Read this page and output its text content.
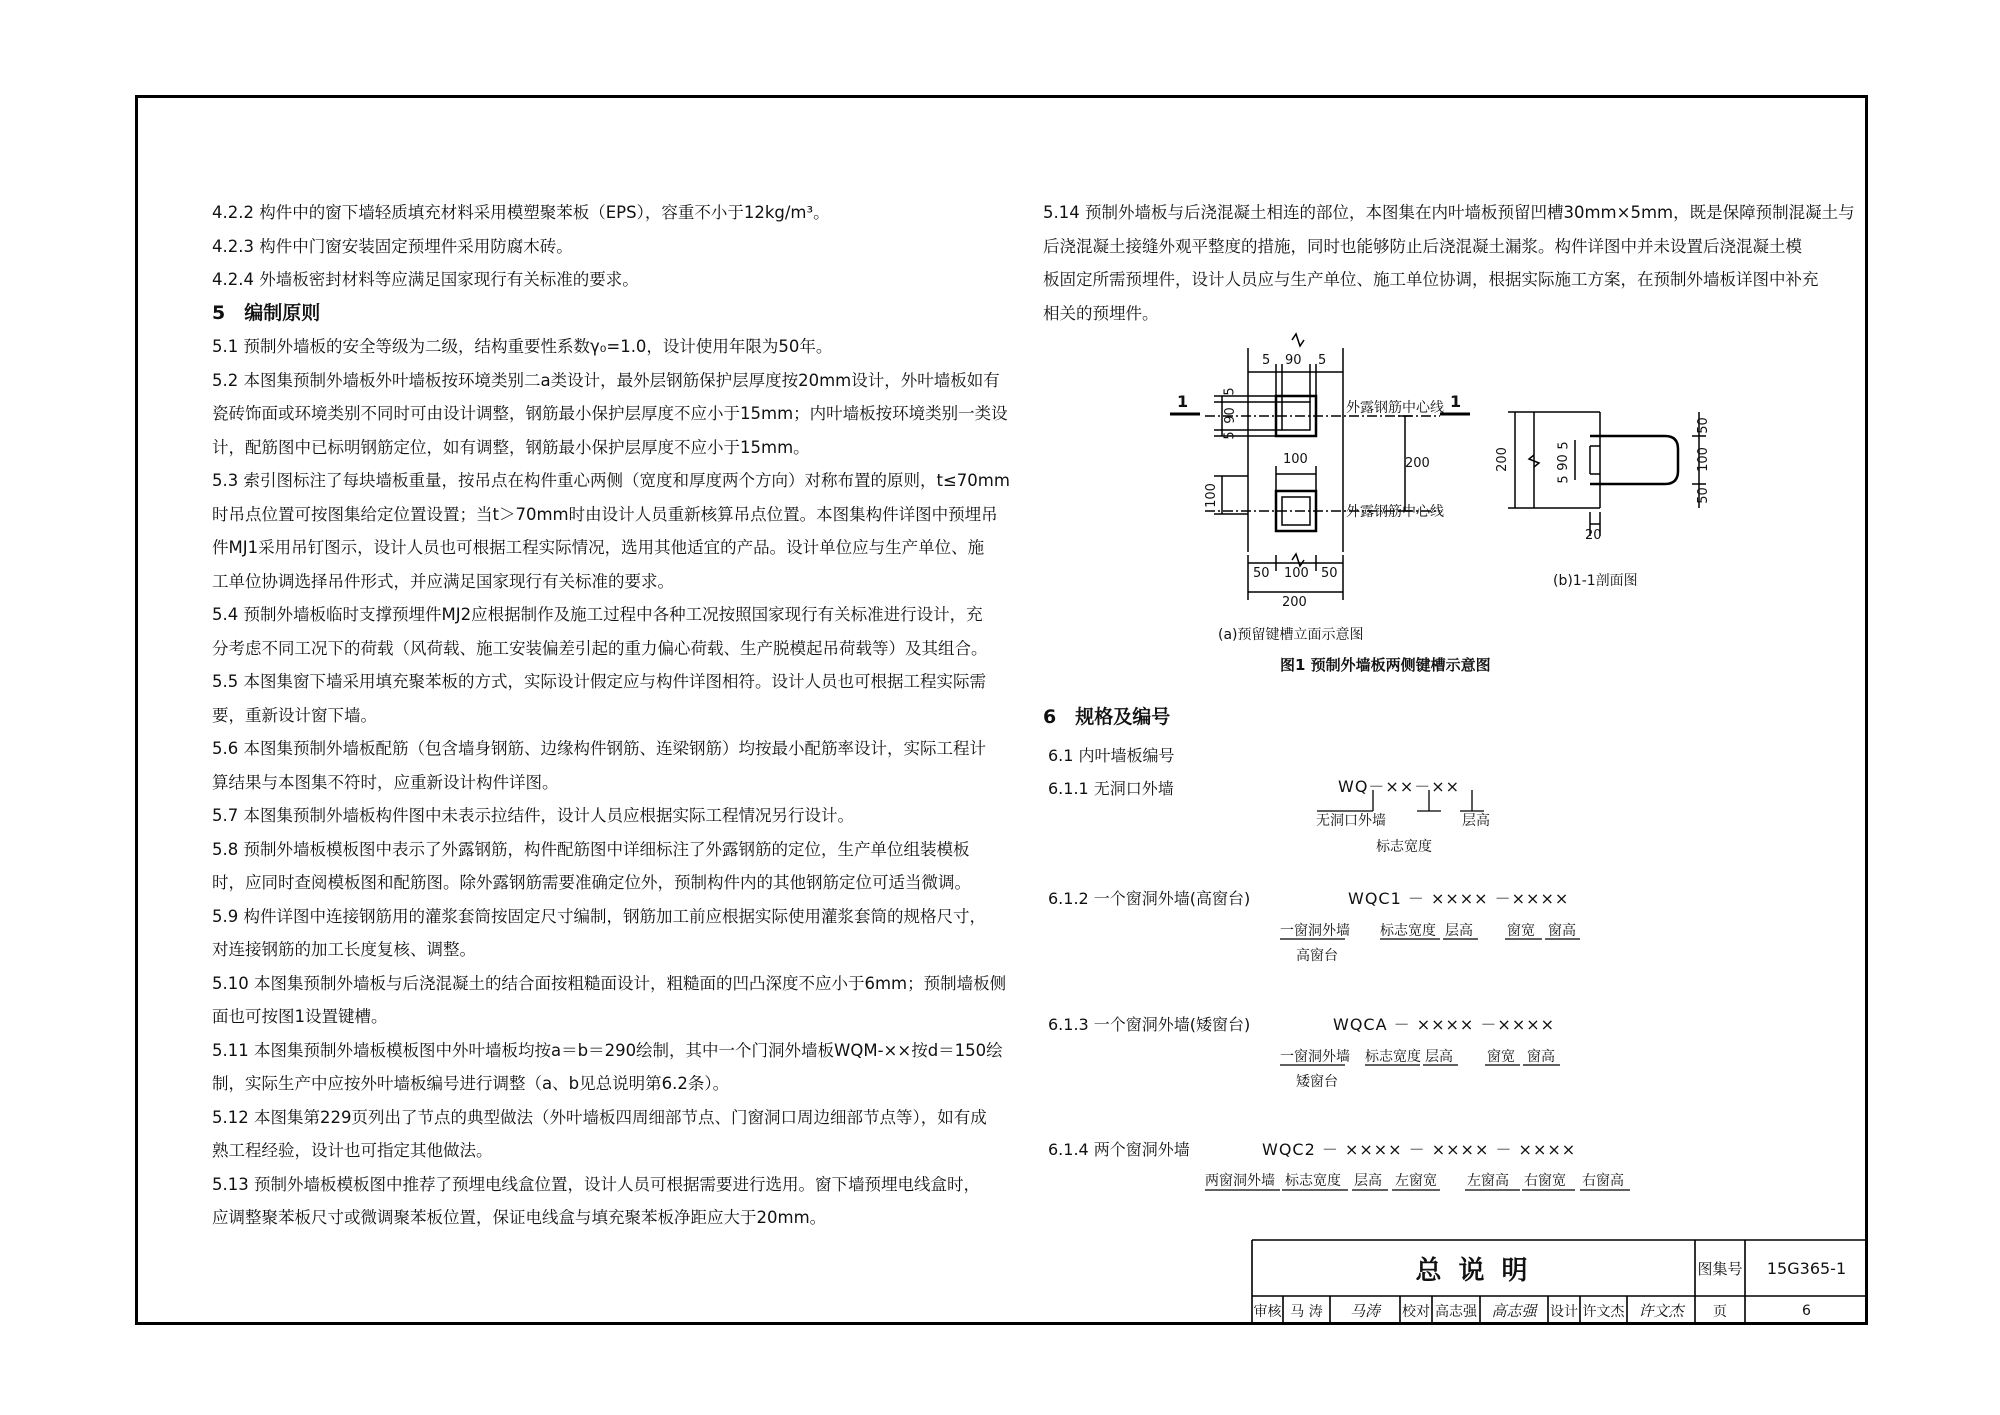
4.2.2 构件中的窗下墙轻质填充材料采用模塑聚苯板（EPS），容重不小于12kg/m³。
4.2.3 构件中门窗安装固定预埋件采用防腐木砖。
4.2.4 外墙板密封材料等应满足国家现行有关标准的要求。
5　编制原则
5.1 预制外墙板的安全等级为二级，结构重要性系数γ₀=1.0，设计使用年限为50年。
5.2 本图集预制外墙板外叶墙板按环境类别二a类设计，最外层钢筋保护层厚度按20mm设计，外叶墙板如有
瓷砖饰面或环境类别不同时可由设计调整，钢筋最小保护层厚度不应小于15mm；内叶墙板按环境类别一类设
计，配筋图中已标明钢筋定位，如有调整，钢筋最小保护层厚度不应小于15mm。
5.3 索引图标注了每块墙板重量，按吊点在构件重心两侧（宽度和厚度两个方向）对称布置的原则，t≤70mm
时吊点位置可按图集给定位置设置；当t＞70mm时由设计人员重新核算吊点位置。本图集构件详图中预埋吊
件MJ1采用吊钉图示，设计人员也可根据工程实际情况，选用其他适宜的产品。设计单位应与生产单位、施
工单位协调选择吊件形式，并应满足国家现行有关标准的要求。
5.4 预制外墙板临时支撑预埋件MJ2应根据制作及施工过程中各种工况按照国家现行有关标准进行设计，充
分考虑不同工况下的荷载（风荷载、施工安装偏差引起的重力偏心荷载、生产脱模起吊荷载等）及其组合。
5.5 本图集窗下墙采用填充聚苯板的方式，实际设计假定应与构件详图相符。设计人员也可根据工程实际需
要，重新设计窗下墙。
5.6 本图集预制外墙板配筋（包含墙身钢筋、边缘构件钢筋、连梁钢筋）均按最小配筋率设计，实际工程计
算结果与本图集不符时，应重新设计构件详图。
5.7 本图集预制外墙板构件图中未表示拉结件，设计人员应根据实际工程情况另行设计。
5.8 预制外墙板模板图中表示了外露钢筋，构件配筋图中详细标注了外露钢筋的定位，生产单位组装模板
时，应同时查阅模板图和配筋图。除外露钢筋需要准确定位外，预制构件内的其他钢筋定位可适当微调。
5.9 构件详图中连接钢筋用的灌浆套筒按固定尺寸编制，钢筋加工前应根据实际使用灌浆套筒的规格尺寸，
对连接钢筋的加工长度复核、调整。
5.10 本图集预制外墙板与后浇混凝土的结合面按粗糙面设计，粗糙面的凹凸深度不应小于6mm；预制墙板侧
面也可按图1设置键槽。
5.11 本图集预制外墙板模板图中外叶墙板均按a＝b＝290绘制，其中一个门洞外墙板WQM-××按d＝150绘
制，实际生产中应按外叶墙板编号进行调整（a、b见总说明第6.2条）。
5.12 本图集第229页列出了节点的典型做法（外叶墙板四周细部节点、门窗洞口周边细部节点等），如有成
熟工程经验，设计也可指定其他做法。
5.13 预制外墙板模板图中推荐了预埋电线盒位置，设计人员可根据需要进行选用。窗下墙预埋电线盒时，
应调整聚苯板尺寸或微调聚苯板位置，保证电线盒与填充聚苯板净距应大于20mm。
5.14 预制外墙板与后浇混凝土相连的部位，本图集在内叶墙板预留凹槽30mm×5mm，既是保障预制混凝土与
后浇混凝土接缝外观平整度的措施，同时也能够防止后浇混凝土漏浆。构件详图中并未设置后浇混凝土模
板固定所需预埋件，设计人员应与生产单位、施工单位协调，根据实际施工方案，在预制外墙板详图中补充
相关的预埋件。
5 90 5
5
90
5
100
100	200
50 100 50
200
1	1
外露钢筋中心线
外露钢筋中心线
200
5
90
5
50
100
50
20
(a)预留键槽立面示意图
(b)1-1剖面图
图1 预制外墙板两侧键槽示意图
6　规格及编号
6.1 内叶墙板编号
6.1.1 无洞口外墙	WQ－××－××
无洞口外墙
标志宽度
层高
6.1.2 一个窗洞外墙(高窗台)	WQC1 － ×××× －××××
一窗洞外墙
高窗台
标志宽度 层高 窗宽 窗高
6.1.3 一个窗洞外墙(矮窗台)	WQCA － ×××× －××××
一窗洞外墙
矮窗台
标志宽度 层高 窗宽 窗高
6.1.4 两个窗洞外墙	WQC2 － ×××× － ×××× － ××××
两窗洞外墙 标志宽度 层高 左窗宽 左窗高 右窗宽 右窗高
总 说 明	图集号	15G365-1
审核 马 涛	马涛	校对 高志强 高志强 设计 许文杰 许文杰	页	6
